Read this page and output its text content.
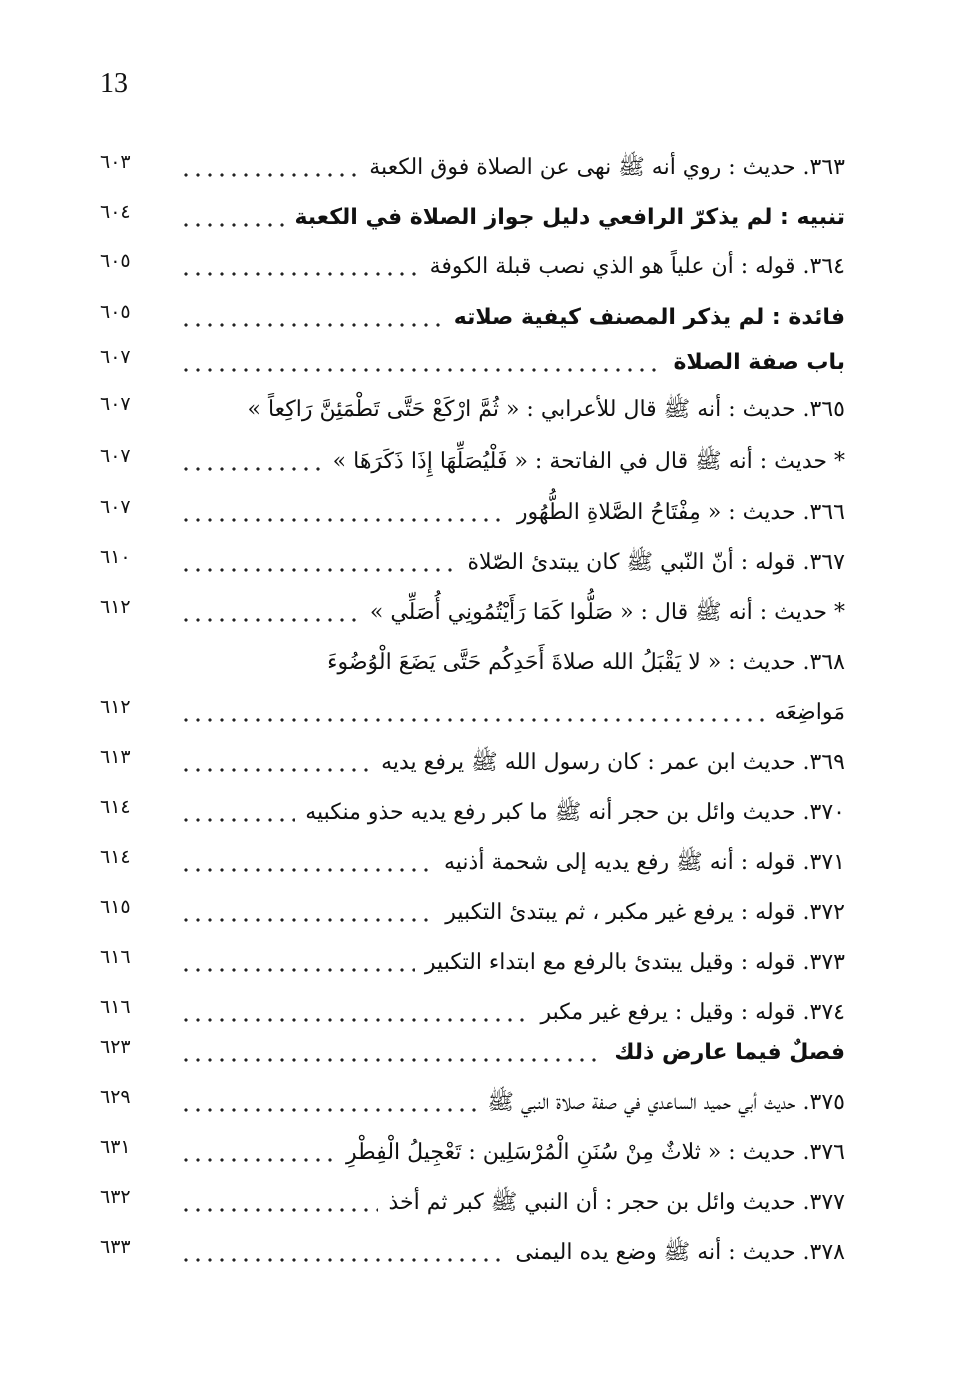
13
٦٠٣	٣٦٣. حديث : روي أنه ﷺ نهى عن الصلاة فوق الكعبة
٦٠٤	تنبيه : لم يذكرّ الرافعي دليل جواز الصلاة في الكعبة
٦٠٥	٣٦٤. قوله : أن علياً هو الذي نصب قبلة الكوفة
٦٠٥	فائدة : لم يذكر المصنف كيفية صلاته
٦٠٧	باب صفة الصلاة
٦٠٧	٣٦٥. حديث : أنه ﷺ قال للأعرابي : « ثُمَّ ارْكَعْ حَتَّى تَطْمَئِنَّ رَاكِعاً »
٦٠٧	* حديث : أنه ﷺ قال في الفاتحة : « فَلْيُصَلِّهَا إِذَا ذَكَرَهَا »
٦٠٧	٣٦٦. حديث : « مِفْتَاحُ الصَّلاةِ الطُّهُور
٦١٠	٣٦٧. قوله : أنّ النّبي ﷺ كان يبتدئ الصّلاة
٦١٢	* حديث : أنه ﷺ قال : « صَلُّوا كَمَا رَأَيْتُمُونِي أُصَلِّي »
٣٦٨. حديث : « لا يَقْبَلُ الله صلاةَ أَحَدِكُم حَتَّى يَضَعَ الْوُضُوءَ
٦١٢	مَواضِعَه
٦١٣	٣٦٩. حديث ابن عمر : كان رسول الله ﷺ يرفع يديه
٦١٤	٣٧٠. حديث وائل بن حجر أنه ﷺ ما كبر رفع يديه حذو منكبيه
٦١٤	٣٧١. قوله : أنه ﷺ رفع يديه إلى شحمة أذنيه
٦١٥	٣٧٢. قوله : يرفع غير مكبر ، ثم يبتدئ التكبير
٦١٦	٣٧٣. قوله : وقيل يبتدئ بالرفع مع ابتداء التكبير
٦١٦	٣٧٤. قوله : وقيل : يرفع غير مكبر
٦٢٣	فصلٌ فيما عارض ذلك
٦٢٩	٣٧٥. حديث أبي حميد الساعدي في صفة صلاة النبي ﷺ
٦٣١	٣٧٦. حديث : « ثلاثٌ مِنْ سُنَنِ الْمُرْسَلِين : تَعْجِيلُ الْفِطْرِ
٦٣٢	٣٧٧. حديث وائل بن حجر : أن النبي ﷺ كبر ثم أخذ
٦٣٣	٣٧٨. حديث : أنه ﷺ وضع يده اليمنى
